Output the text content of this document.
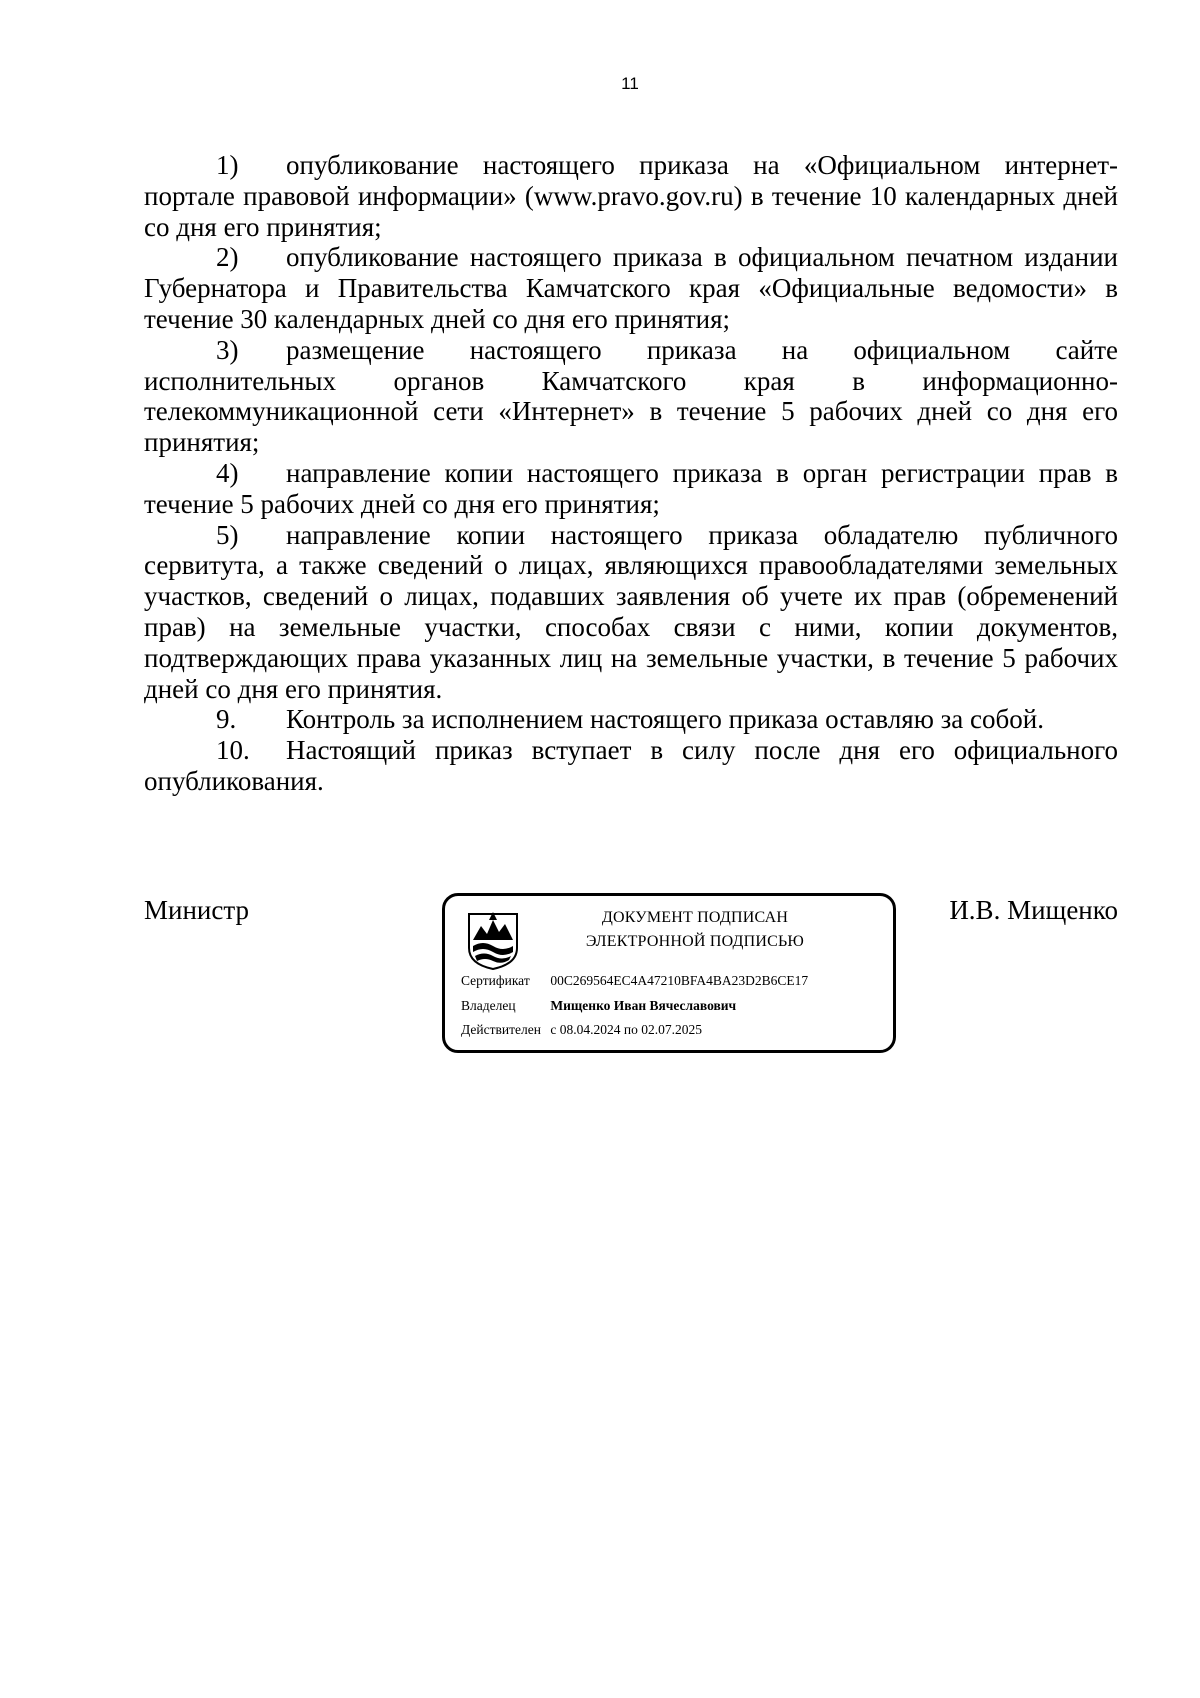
11

1) опубликование настоящего приказа на «Официальном интернет-портале правовой информации» (www.pravo.gov.ru) в течение 10 календарных дней со дня его принятия;

2) опубликование настоящего приказа в официальном печатном издании Губернатора и Правительства Камчатского края «Официальные ведомости» в течение 30 календарных дней со дня его принятия;

3) размещение настоящего приказа на официальном сайте исполнительных органов Камчатского края в информационно-телекоммуникационной сети «Интернет» в течение 5 рабочих дней со дня его принятия;

4) направление копии настоящего приказа в орган регистрации прав в течение 5 рабочих дней со дня его принятия;

5) направление копии настоящего приказа обладателю публичного сервитута, а также сведений о лицах, являющихся правообладателями земельных участков, сведений о лицах, подавших заявления об учете их прав (обременений прав) на земельные участки, способах связи с ними, копии документов, подтверждающих права указанных лиц на земельные участки, в течение 5 рабочих дней со дня его принятия.

9. Контроль за исполнением настоящего приказа оставляю за собой.

10. Настоящий приказ вступает в силу после дня его официального опубликования.

Министр	И.В. Мищенко
ДОКУМЕНТ ПОДПИСАН
ЭЛЕКТРОННОЙ ПОДПИСЬЮ
Сертификат 00C269564EC4A47210BFA4BA23D2B6CE17
Владелец	Мищенко Иван Вячеславович
Действителен с 08.04.2024 по 02.07.2025
